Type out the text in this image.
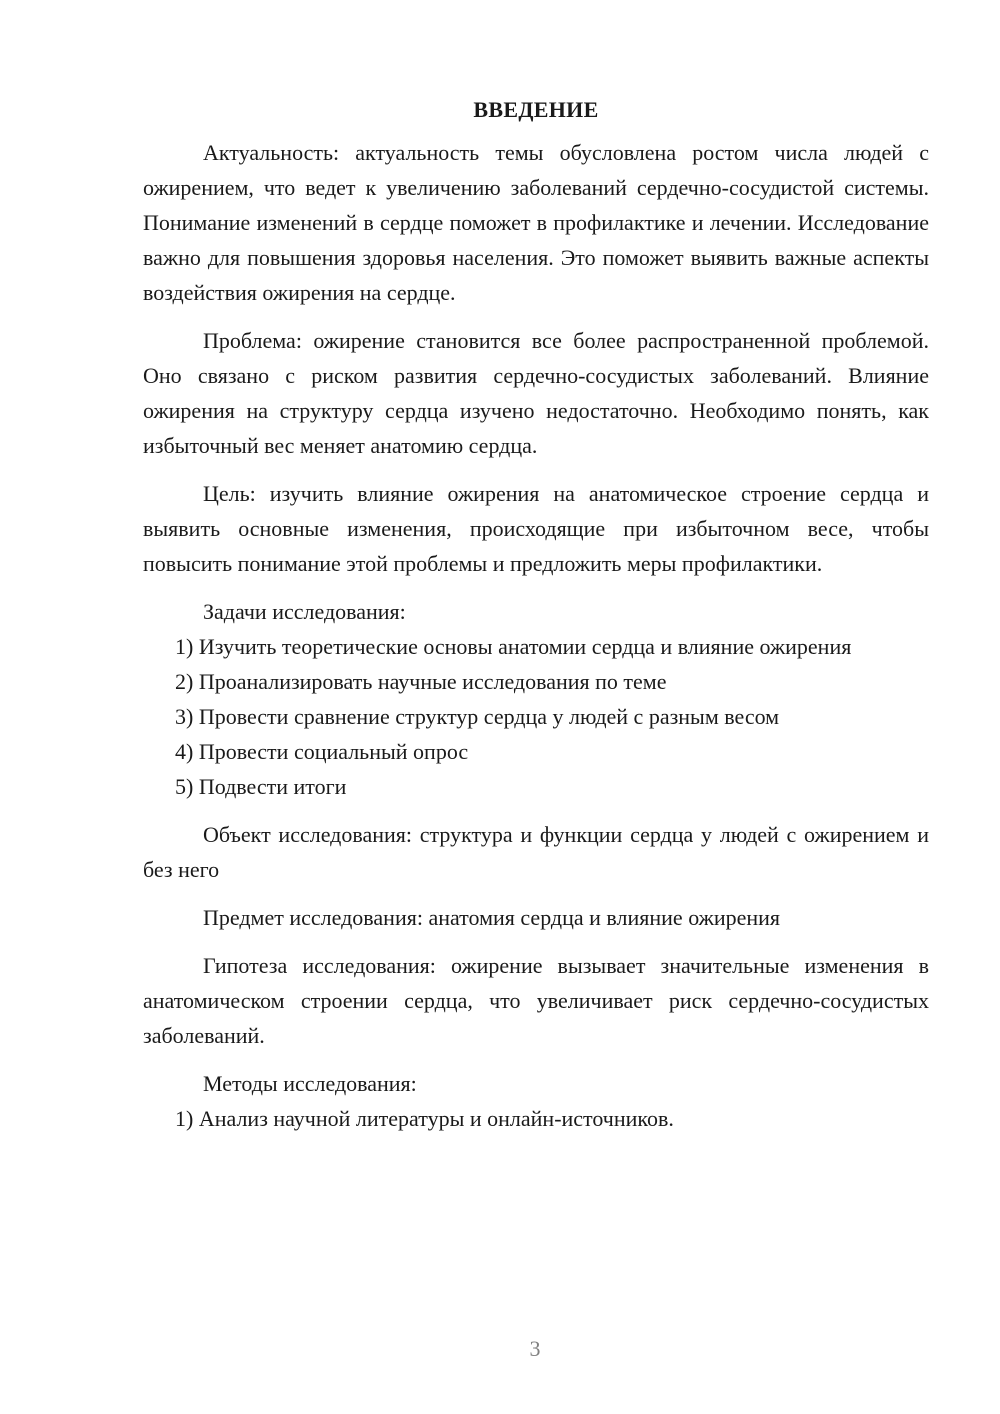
ВВЕДЕНИЕ

Актуальность: актуальность темы обусловлена ростом числа людей с ожирением, что ведет к увеличению заболеваний сердечно-сосудистой системы. Понимание изменений в сердце поможет в профилактике и лечении. Исследование важно для повышения здоровья населения. Это поможет выявить важные аспекты воздействия ожирения на сердце.

Проблема: ожирение становится все более распространенной проблемой. Оно связано с риском развития сердечно-сосудистых заболеваний. Влияние ожирения на структуру сердца изучено недостаточно. Необходимо понять, как избыточный вес меняет анатомию сердца.

Цель: изучить влияние ожирения на анатомическое строение сердца и выявить основные изменения, происходящие при избыточном весе, чтобы повысить понимание этой проблемы и предложить меры профилактики.

Задачи исследования:

1) Изучить теоретические основы анатомии сердца и влияние ожирения

2) Проанализировать научные исследования по теме

3) Провести сравнение структур сердца у людей с разным весом

4) Провести социальный опрос

5) Подвести итоги

Объект исследования: структура и функции сердца у людей с ожирением и без него

Предмет исследования: анатомия сердца и влияние ожирения

Гипотеза исследования: ожирение вызывает значительные изменения в анатомическом строении сердца, что увеличивает риск сердечно-сосудистых заболеваний.

Методы исследования:

1) Анализ научной литературы и онлайн-источников.

3
